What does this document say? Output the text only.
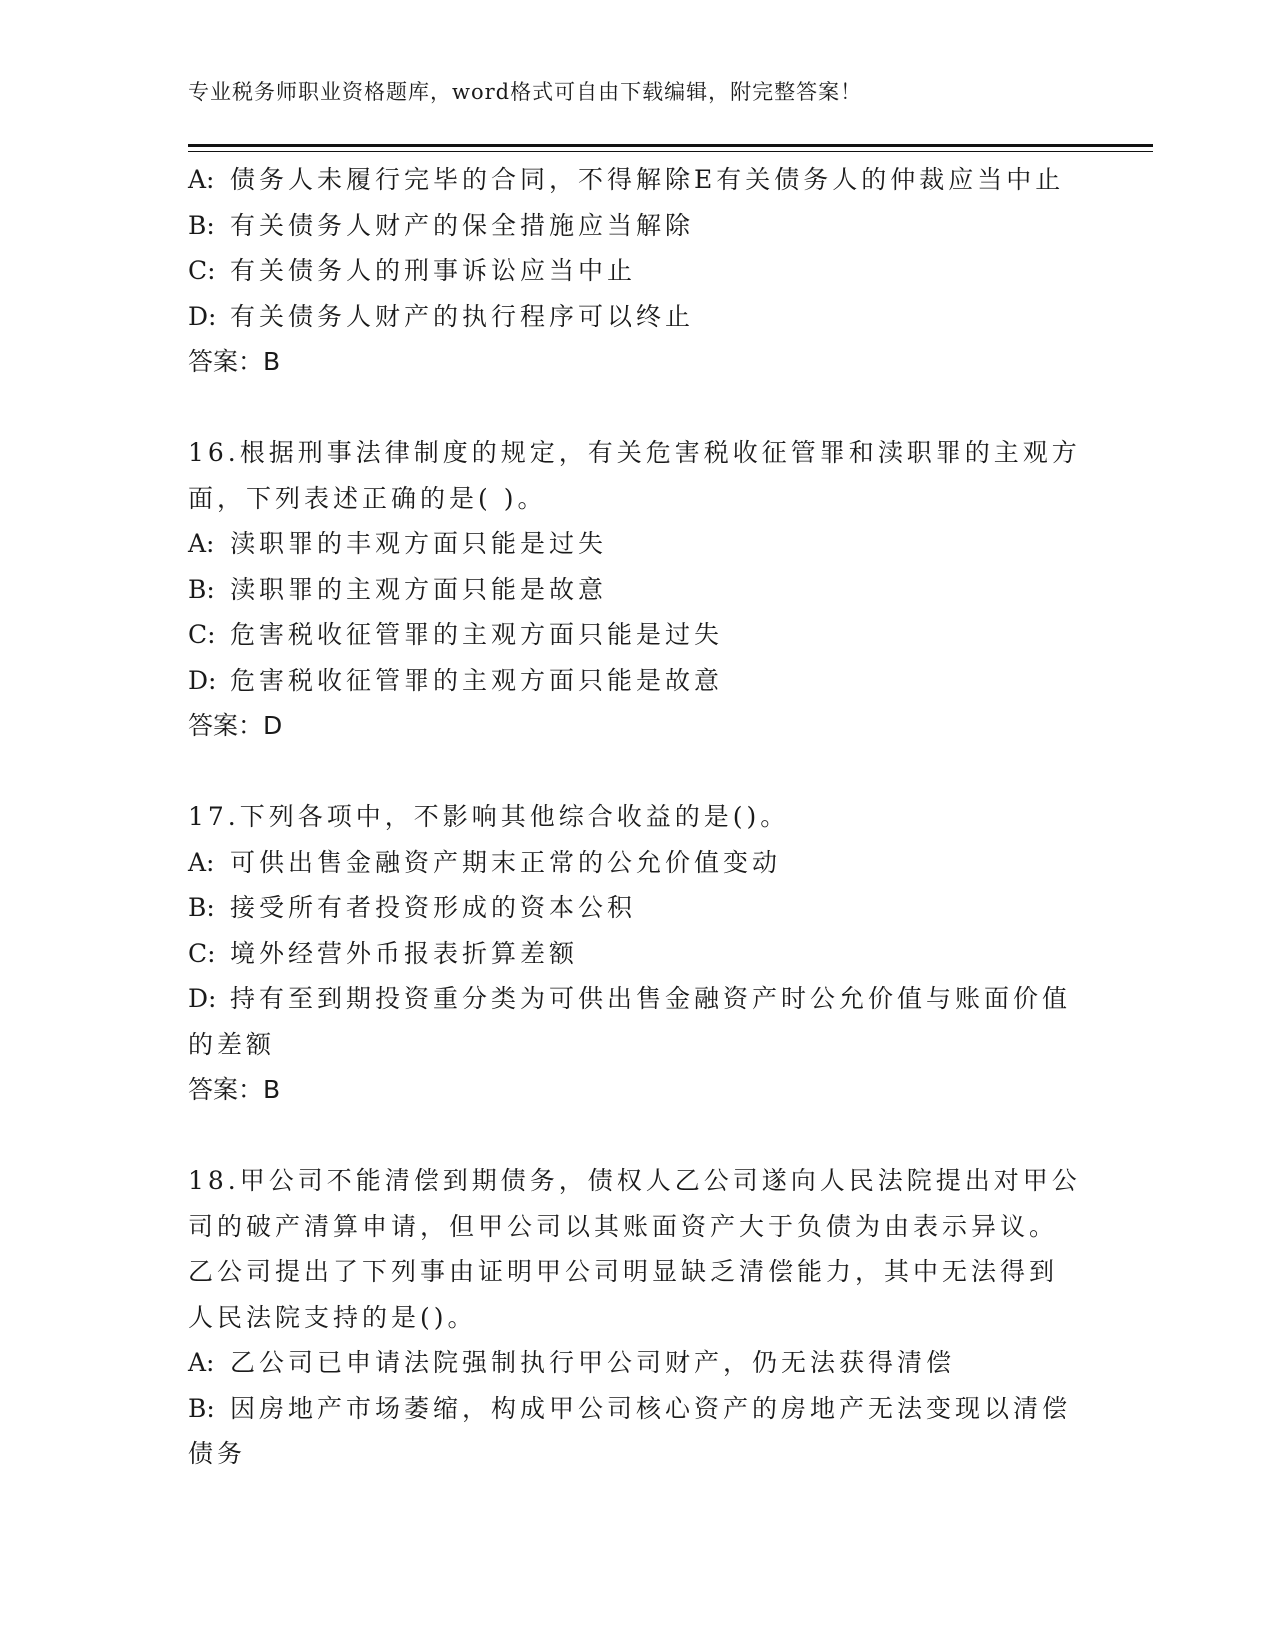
专业税务师职业资格题库，word格式可自由下载编辑，附完整答案！
A: 债务人未履行完毕的合同，不得解除E有关债务人的仲裁应当中止
B: 有关债务人财产的保全措施应当解除
C: 有关债务人的刑事诉讼应当中止
D: 有关债务人财产的执行程序可以终止
答案：B
16.根据刑事法律制度的规定，有关危害税收征管罪和渎职罪的主观方
面，下列表述正确的是( )。
A: 渎职罪的丰观方面只能是过失
B: 渎职罪的主观方面只能是故意
C: 危害税收征管罪的主观方面只能是过失
D: 危害税收征管罪的主观方面只能是故意
答案：D
17.下列各项中，不影响其他综合收益的是()。
A: 可供出售金融资产期末正常的公允价值变动
B: 接受所有者投资形成的资本公积
C: 境外经营外币报表折算差额
D: 持有至到期投资重分类为可供出售金融资产时公允价值与账面价值
的差额
答案：B
18.甲公司不能清偿到期债务，债权人乙公司遂向人民法院提出对甲公
司的破产清算申请，但甲公司以其账面资产大于负债为由表示异议。
乙公司提出了下列事由证明甲公司明显缺乏清偿能力，其中无法得到
人民法院支持的是()。
A: 乙公司已申请法院强制执行甲公司财产，仍无法获得清偿
B: 因房地产市场萎缩，构成甲公司核心资产的房地产无法变现以清偿
债务
